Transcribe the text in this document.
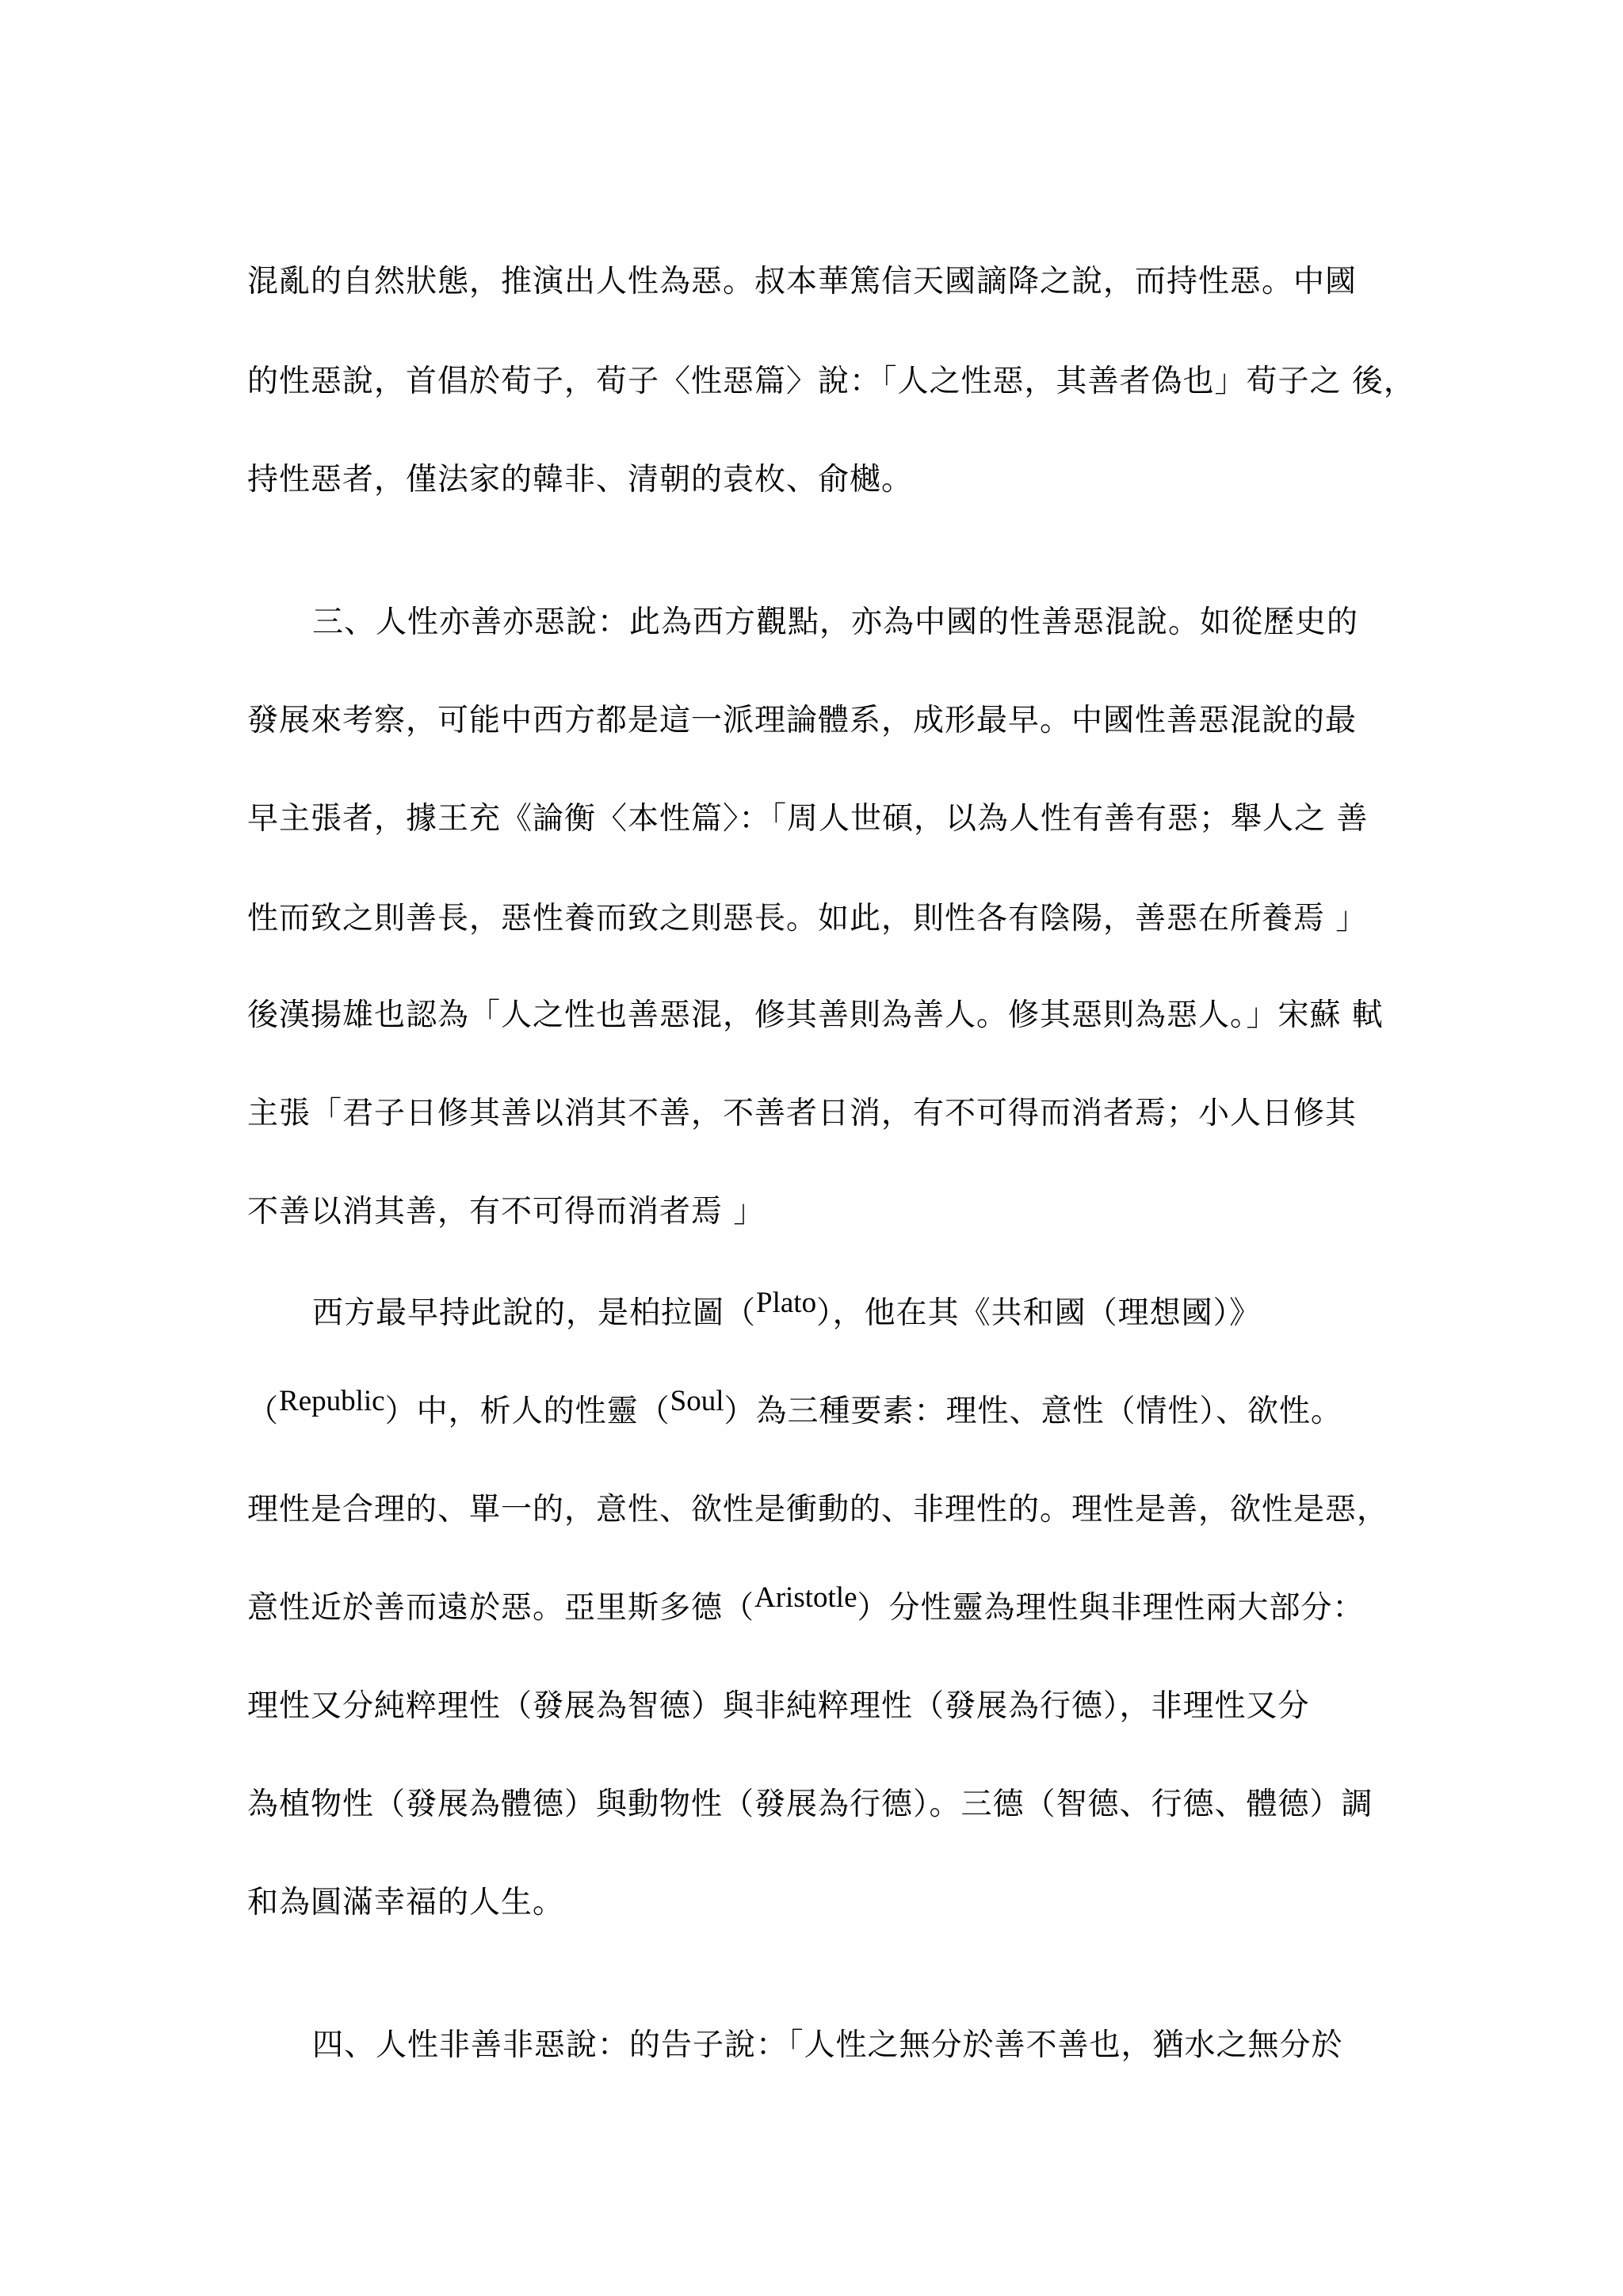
混亂的自然狀態，推演出人性為惡。叔本華篤信天國謫降之說，而持性惡。中國
的性惡說，首倡於荀子，荀子〈性惡篇〉說：「人之性惡，其善者偽也」荀子之 後，
持性惡者，僅法家的韓非、清朝的袁枚、俞樾。
三、人性亦善亦惡說：此為西方觀點，亦為中國的性善惡混說。如從歷史的
發展來考察，可能中西方都是這一派理論體系，成形最早。中國性善惡混說的最
早主張者，據王充《論衡〈本性篇〉：「周人世碩，以為人性有善有惡；舉人之 善
性而致之則善長，惡性養而致之則惡長。如此，則性各有陰陽，善惡在所養焉 」
後漢揚雄也認為「人之性也善惡混，修其善則為善人。修其惡則為惡人。」宋蘇 軾
主張「君子日修其善以消其不善，不善者日消，有不可得而消者焉；小人日修其
不善以消其善，有不可得而消者焉 」
西方最早持此說的，是柏拉圖（Plato），他在其《共和國（理想國）》
（Republic）中，析人的性靈（Soul）為三種要素：理性、意性（情性）、欲性。
理性是合理的、單一的，意性、欲性是衝動的、非理性的。理性是善，欲性是惡，
意性近於善而遠於惡。亞里斯多德（Aristotle）分性靈為理性與非理性兩大部分：
理性又分純粹理性（發展為智德）與非純粹理性（發展為行德），非理性又分
為植物性（發展為體德）與動物性（發展為行德）。三德（智德、行德、體德）調
和為圓滿幸福的人生。
四、人性非善非惡說：的告子說：「人性之無分於善不善也，猶水之無分於
